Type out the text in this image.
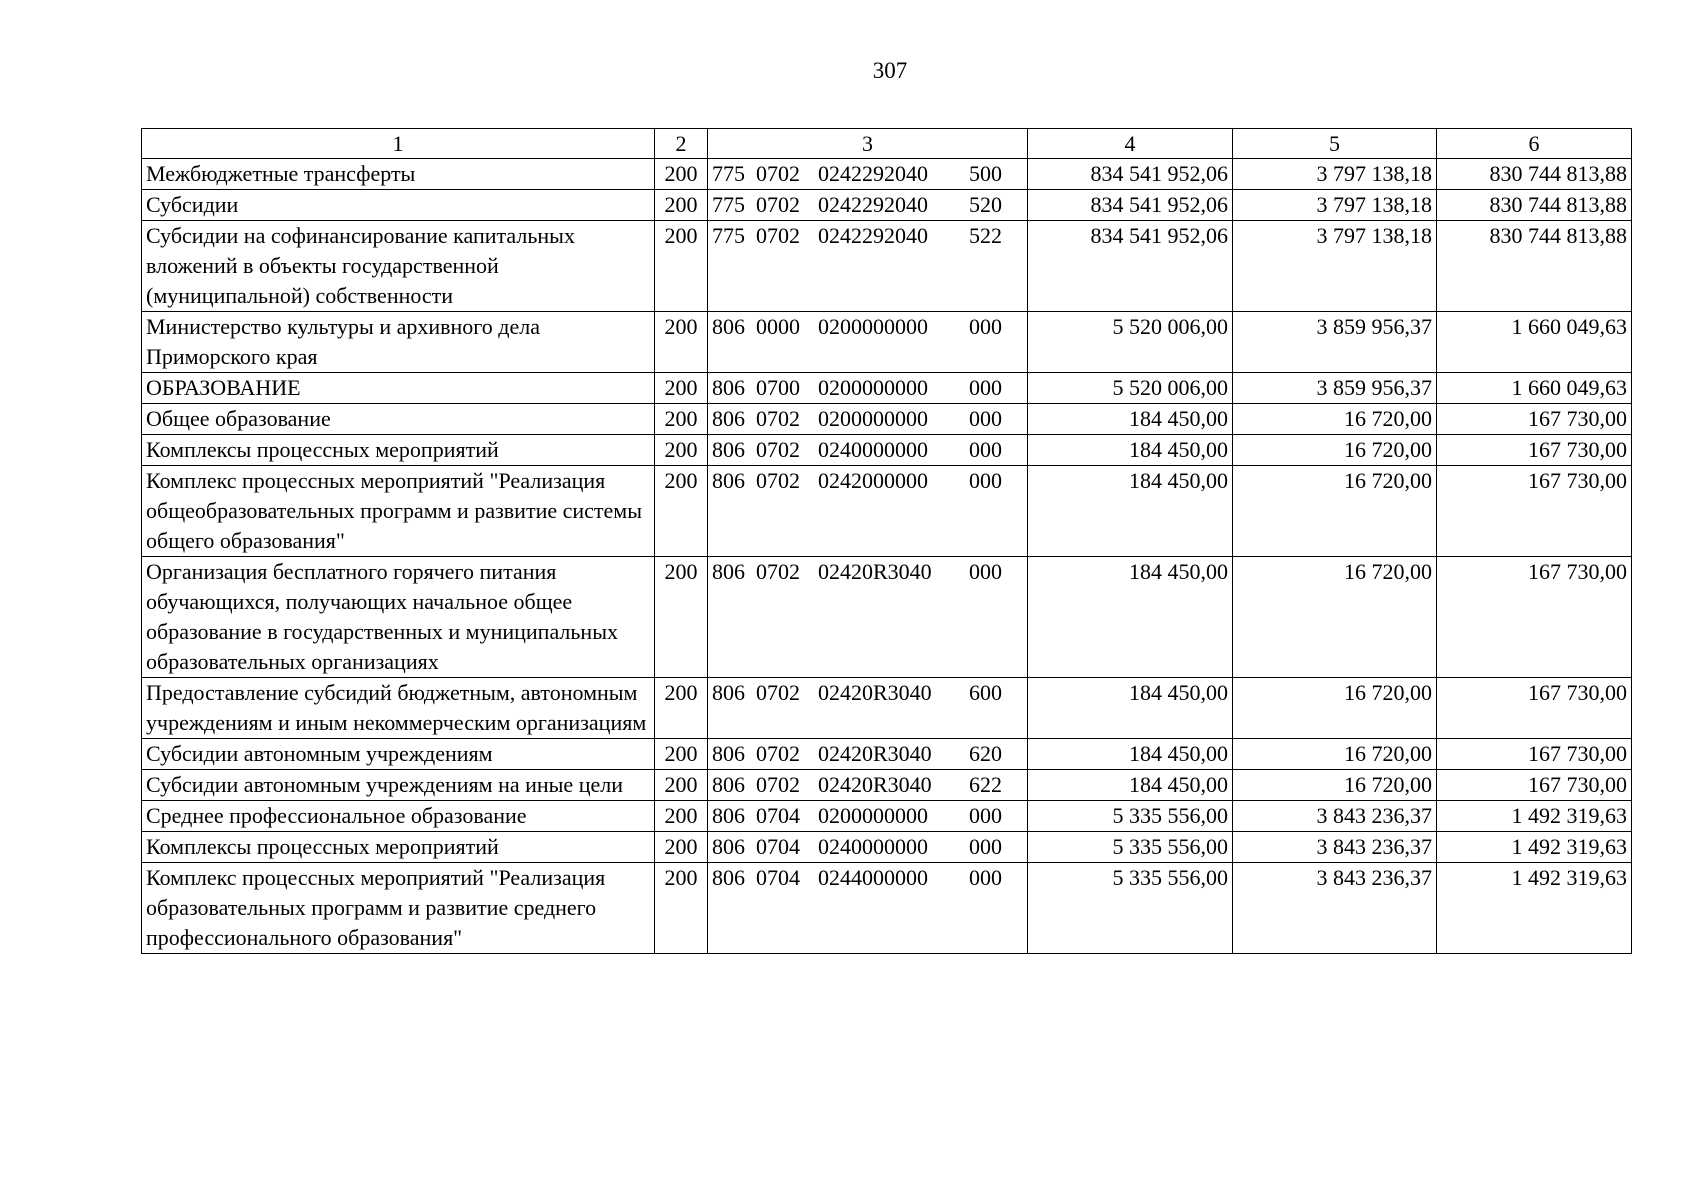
307
1	2	3	4	5	6
Межбюджетные трансферты	200	775 0702 0242292040 500	834 541 952,06	3 797 138,18	830 744 813,88
Субсидии	200	775 0702 0242292040 520	834 541 952,06	3 797 138,18	830 744 813,88
Субсидии на софинансирование капитальных вложений в объекты государственной (муниципальной) собственности	200	775 0702 0242292040 522	834 541 952,06	3 797 138,18	830 744 813,88
Министерство культуры и архивного дела Приморского края	200	806 0000 0200000000 000	5 520 006,00	3 859 956,37	1 660 049,63
ОБРАЗОВАНИЕ	200	806 0700 0200000000 000	5 520 006,00	3 859 956,37	1 660 049,63
Общее образование	200	806 0702 0200000000 000	184 450,00	16 720,00	167 730,00
Комплексы процессных мероприятий	200	806 0702 0240000000 000	184 450,00	16 720,00	167 730,00
Комплекс процессных мероприятий "Реализация общеобразовательных программ и развитие системы общего образования"	200	806 0702 0242000000 000	184 450,00	16 720,00	167 730,00
Организация бесплатного горячего питания обучающихся, получающих начальное общее образование в государственных и муниципальных образовательных организациях	200	806 0702 02420R3040 000	184 450,00	16 720,00	167 730,00
Предоставление субсидий бюджетным, автономным учреждениям и иным некоммерческим организациям	200	806 0702 02420R3040 600	184 450,00	16 720,00	167 730,00
Субсидии автономным учреждениям	200	806 0702 02420R3040 620	184 450,00	16 720,00	167 730,00
Субсидии автономным учреждениям на иные цели	200	806 0702 02420R3040 622	184 450,00	16 720,00	167 730,00
Среднее профессиональное образование	200	806 0704 0200000000 000	5 335 556,00	3 843 236,37	1 492 319,63
Комплексы процессных мероприятий	200	806 0704 0240000000 000	5 335 556,00	3 843 236,37	1 492 319,63
Комплекс процессных мероприятий "Реализация образовательных программ и развитие среднего профессионального образования"	200	806 0704 0244000000 000	5 335 556,00	3 843 236,37	1 492 319,63
